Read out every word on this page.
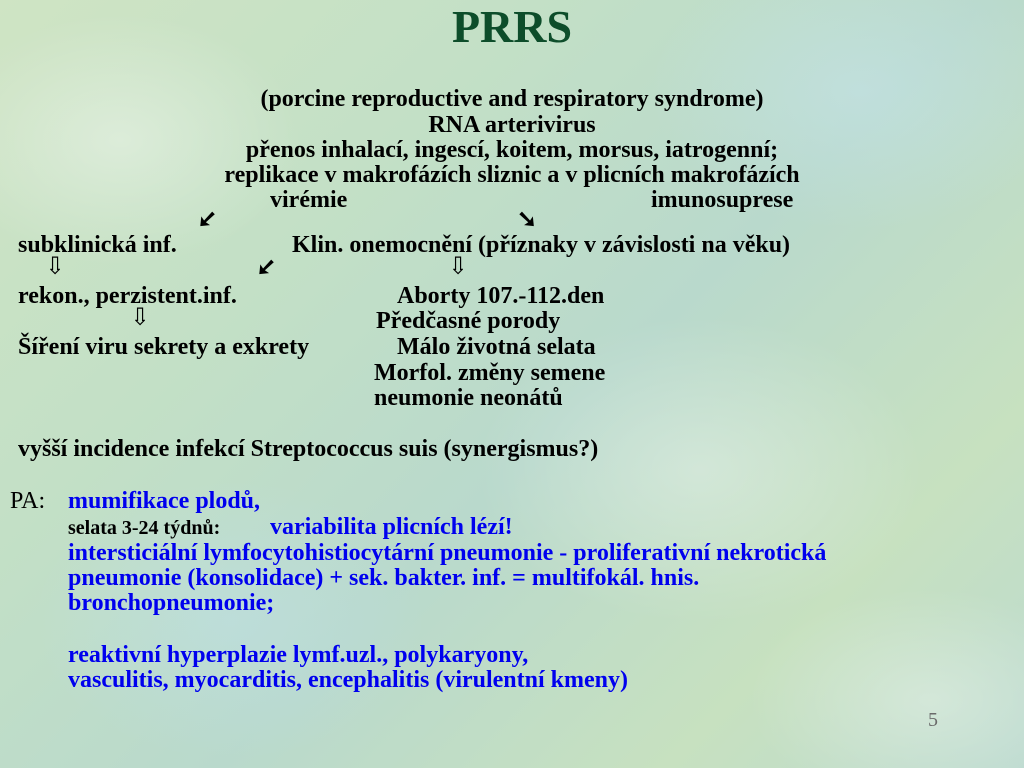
PRRS
(porcine reproductive and respiratory syndrome)
RNA arterivirus
přenos inhalací, ingescí, koitem, morsus, iatrogenní;
replikace v makrofázích sliznic a v plicních makrofázích
virémie	imunosuprese
➘	➘
subklinická inf.	Klin. onemocnění (příznaky v závislosti na věku)
⇩	➘	⇩
rekon., perzistent.inf.	Aborty 107.-112.den
⇩	Předčasné porody
Šíření viru sekrety a exkrety	Málo životná selata
Morfol. změny semene
neumonie neonátů
vyšší incidence infekcí Streptococcus suis (synergismus?)
PA: mumifikace plodů,
selata 3-24 týdnů: variabilita plicních lézí!
intersticiální lymfocytohistiocytární pneumonie - proliferativní nekrotická
pneumonie (konsolidace) + sek. bakter. inf. = multifokál. hnis.
bronchopneumonie;
reaktivní hyperplazie lymf.uzl., polykaryony,
vasculitis, myocarditis, encephalitis (virulentní kmeny)
5
